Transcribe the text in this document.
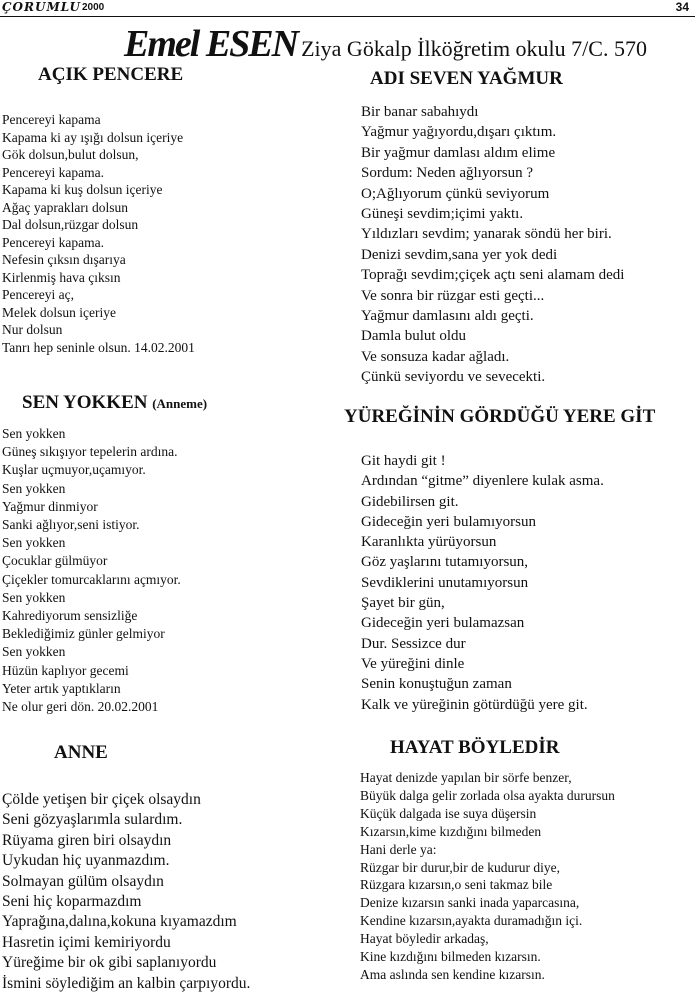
ÇORUMLU 2000	34
Emel ESEN Ziya Gökalp İlköğretim okulu 7/C. 570
AÇIK PENCERE
Pencereyi kapama
Kapama ki ay ışığı dolsun içeriye
Gök dolsun,bulut dolsun,
Pencereyi kapama.
Kapama ki kuş dolsun içeriye
Ağaç yaprakları dolsun
Dal dolsun,rüzgar dolsun
Pencereyi kapama.
Nefesin çıksın dışarıya
Kirlenmiş hava çıksın
Pencereyi aç,
Melek dolsun içeriye
Nur dolsun
Tanrı hep seninle olsun. 14.02.2001
SEN YOKKEN (Anneme)
Sen yokken
Güneş sıkışıyor tepelerin ardına.
Kuşlar uçmuyor,uçamıyor.
Sen yokken
Yağmur dinmiyor
Sanki ağlıyor,seni istiyor.
Sen yokken
Çocuklar gülmüyor
Çiçekler tomurcaklarını açmıyor.
Sen yokken
Kahrediyorum sensizliğe
Beklediğimiz günler gelmiyor
Sen yokken
Hüzün kaplıyor gecemi
Yeter artık yaptıkların
Ne olur geri dön. 20.02.2001
ANNE
Çölde yetişen bir çiçek olsaydın
Seni gözyaşlarımla sulardım.
Rüyama giren biri olsaydın
Uykudan hiç uyanmazdım.
Solmayan gülüm olsaydın
Seni hiç koparmazdım
Yaprağına,dalına,kokuna kıyamazdım
Hasretin içimi kemiriyordu
Yüreğime bir ok gibi saplanıyordu
İsmini söylediğim an kalbin çarpıyordu.
ADI SEVEN YAĞMUR
Bir banar sabahıydı
Yağmur yağıyordu,dışarı çıktım.
Bir yağmur damlası aldım elime
Sordum: Neden ağlıyorsun ?
O;Ağlıyorum çünkü seviyorum
Güneşi sevdim;içimi yaktı.
Yıldızları sevdim; yanarak söndü her biri.
Denizi sevdim,sana yer yok dedi
Toprağı sevdim;çiçek açtı seni alamam dedi
Ve sonra bir rüzgar esti geçti...
Yağmur damlasını aldı geçti.
Damla bulut oldu
Ve sonsuza kadar ağladı.
Çünkü seviyordu ve sevecekti.
YÜREĞİNİN GÖRDÜĞÜ YERE GİT
Git haydi git !
Ardından “gitme” diyenlere kulak asma.
Gidebilirsen git.
Gideceğin yeri bulamıyorsun
Karanlıkta yürüyorsun
Göz yaşlarını tutamıyorsun,
Sevdiklerini unutamıyorsun
Şayet bir gün,
Gideceğin yeri bulamazsan
Dur. Sessizce dur
Ve yüreğini dinle
Senin konuştuğun zaman
Kalk ve yüreğinin götürdüğü yere git.
HAYAT BÖYLEDİR
Hayat denizde yapılan bir sörfe benzer,
Büyük dalga gelir zorlada olsa ayakta durursun
Küçük dalgada ise suya düşersin
Kızarsın,kime kızdığını bilmeden
Hani derle ya:
Rüzgar bir durur,bir de kudurur diye,
Rüzgara kızarsın,o seni takmaz bile
Denize kızarsın sanki inada yaparcasına,
Kendine kızarsın,ayakta duramadığın içi.
Hayat böyledir arkadaş,
Kine kızdığını bilmeden kızarsın.
Ama aslında sen kendine kızarsın.
